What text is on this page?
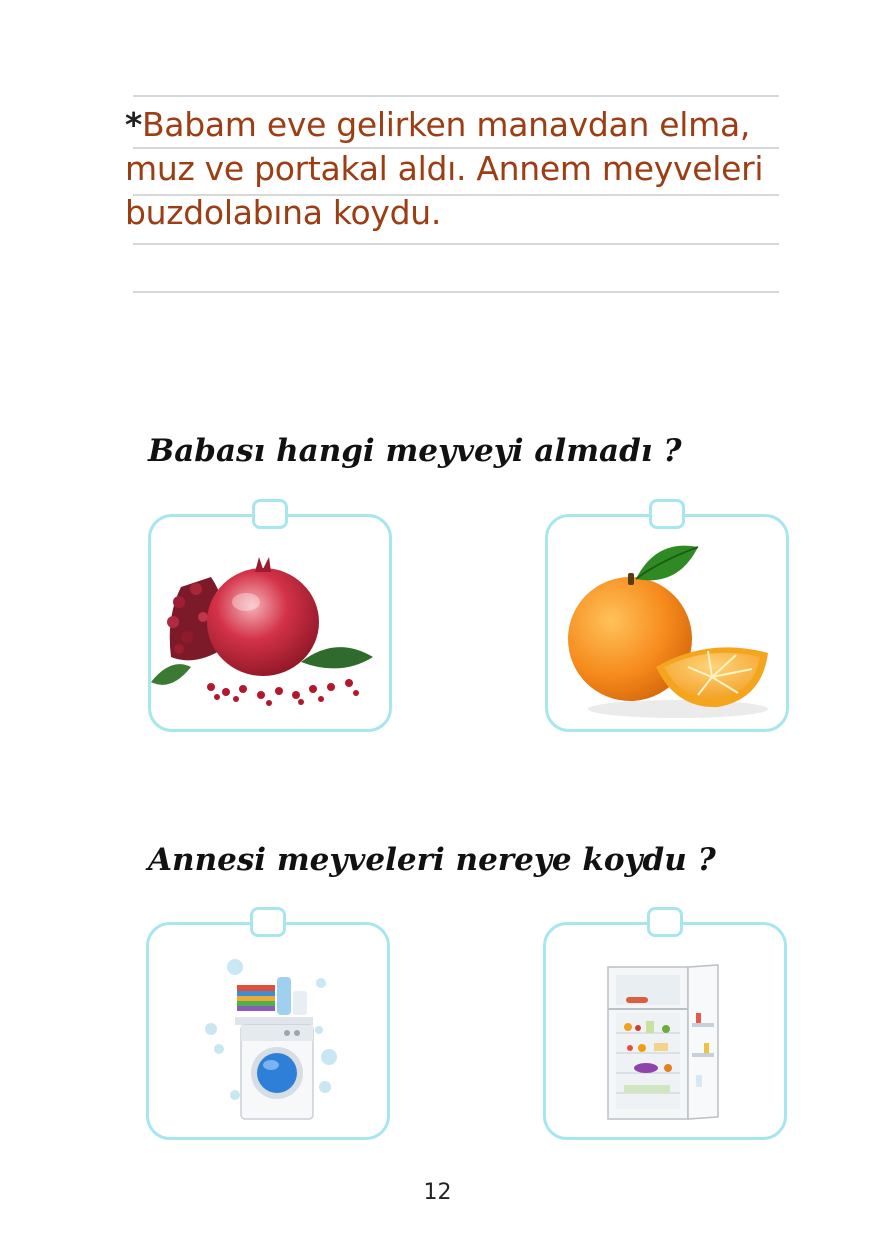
*Babam eve gelirken manavdan elma,
muz ve portakal aldı. Annem meyveleri
buzdolabına koydu.

Babası hangi meyveyi almadı ?
Annesi meyveleri nereye koydu ?
12
